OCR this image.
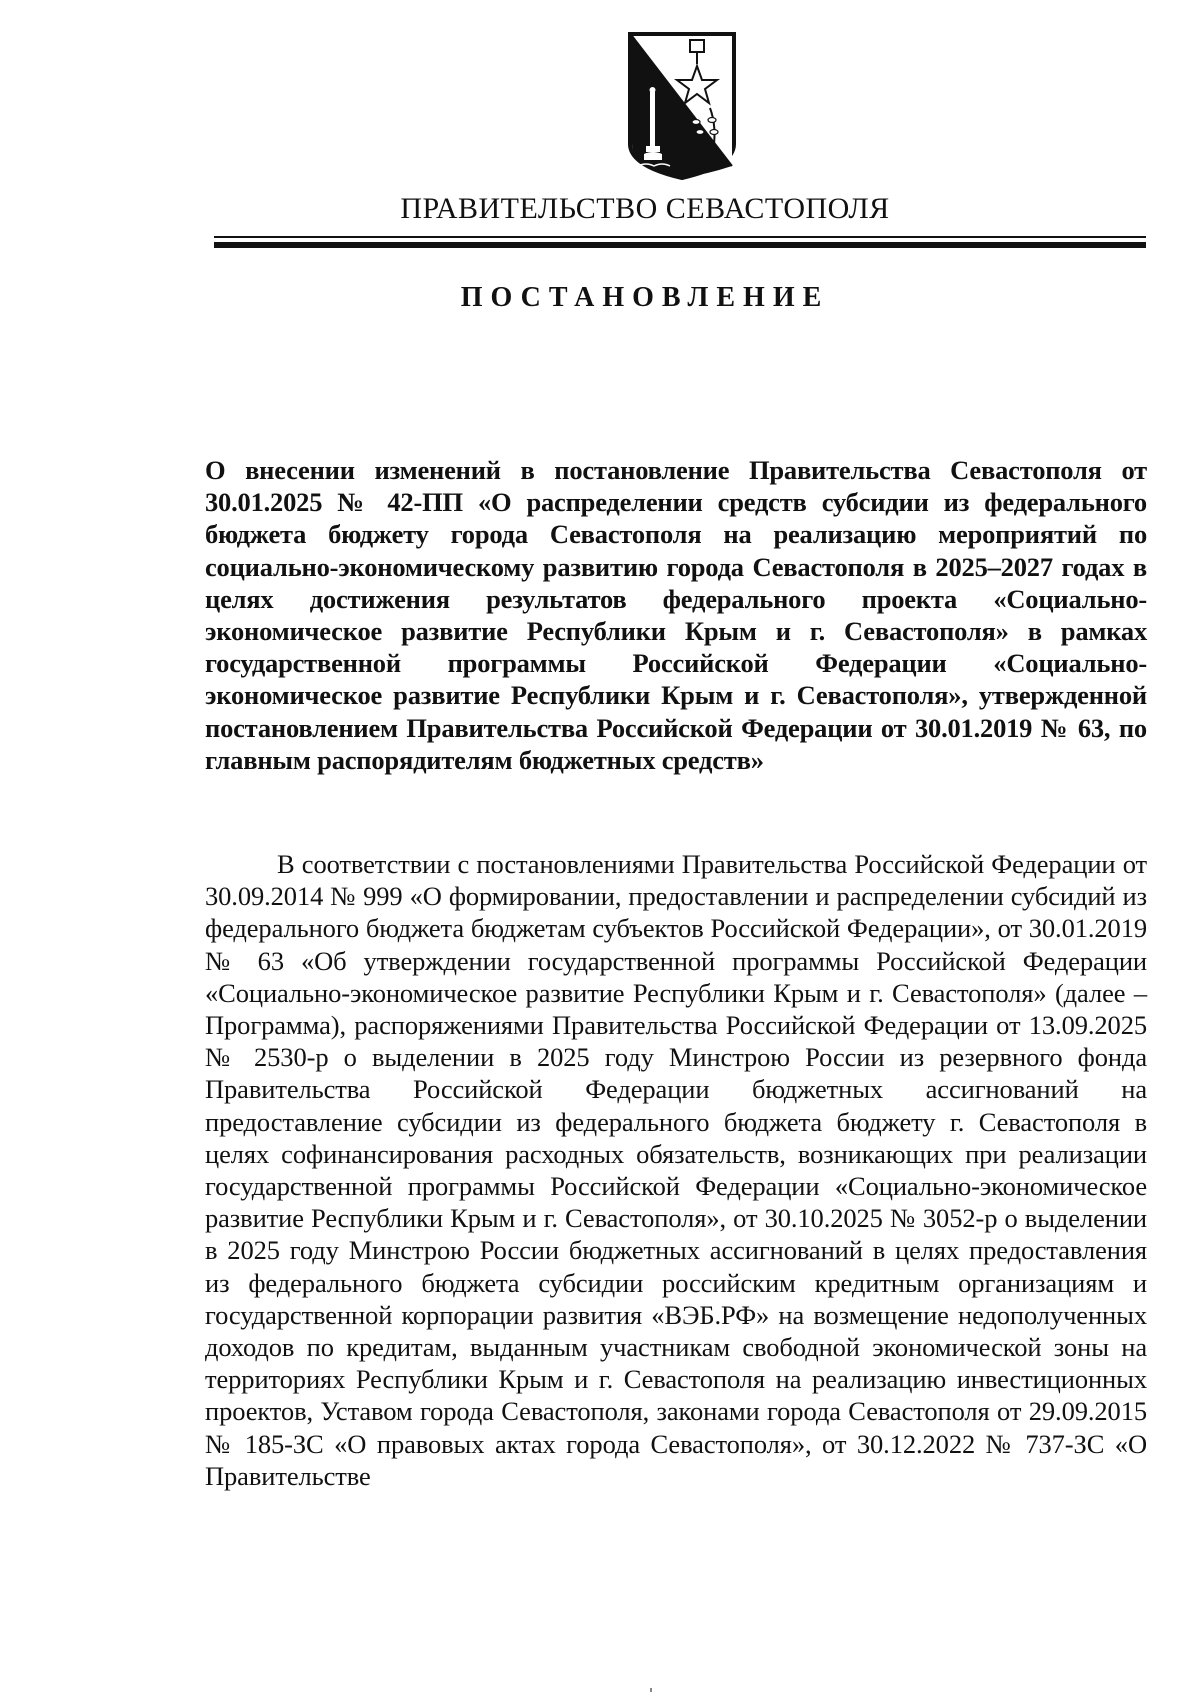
ПРАВИТЕЛЬСТВО СЕВАСТОПОЛЯ
ПОСТАНОВЛЕНИЕ
О внесении изменений в постановление Правительства Севастополя от 30.01.2025 № 42-ПП «О распределении средств субсидии из федерального бюджета бюджету города Севастополя на реализацию мероприятий по социально-экономическому развитию города Севастополя в 2025–2027 годах в целях достижения результатов федерального проекта «Социально-экономическое развитие Республики Крым и г. Севастополя» в рамках государственной программы Российской Федерации «Социально-экономическое развитие Республики Крым и г. Севастополя», утвержденной постановлением Правительства Российской Федерации от 30.01.2019 № 63, по главным распорядителям бюджетных средств»
В соответствии с постановлениями Правительства Российской Федерации от 30.09.2014 № 999 «О формировании, предоставлении и распределении субсидий из федерального бюджета бюджетам субъектов Российской Федерации», от 30.01.2019 № 63 «Об утверждении государственной программы Российской Федерации «Социально-экономическое развитие Республики Крым и г. Севастополя» (далее – Программа), распоряжениями Правительства Российской Федерации от 13.09.2025 № 2530-р о выделении в 2025 году Минстрою России из резервного фонда Правительства Российской Федерации бюджетных ассигнований на предоставление субсидии из федерального бюджета бюджету г. Севастополя в целях софинансирования расходных обязательств, возникающих при реализации государственной программы Российской Федерации «Социально-экономическое развитие Республики Крым и г. Севастополя», от 30.10.2025 № 3052-р о выделении в 2025 году Минстрою России бюджетных ассигнований в целях предоставления из федерального бюджета субсидии российским кредитным организациям и государственной корпорации развития «ВЭБ.РФ» на возмещение недополученных доходов по кредитам, выданным участникам свободной экономической зоны на территориях Республики Крым и г. Севастополя на реализацию инвестиционных проектов, Уставом города Севастополя, законами города Севастополя от 29.09.2015 № 185-ЗС «О правовых актах города Севастополя», от 30.12.2022 № 737-ЗС «О Правительстве
